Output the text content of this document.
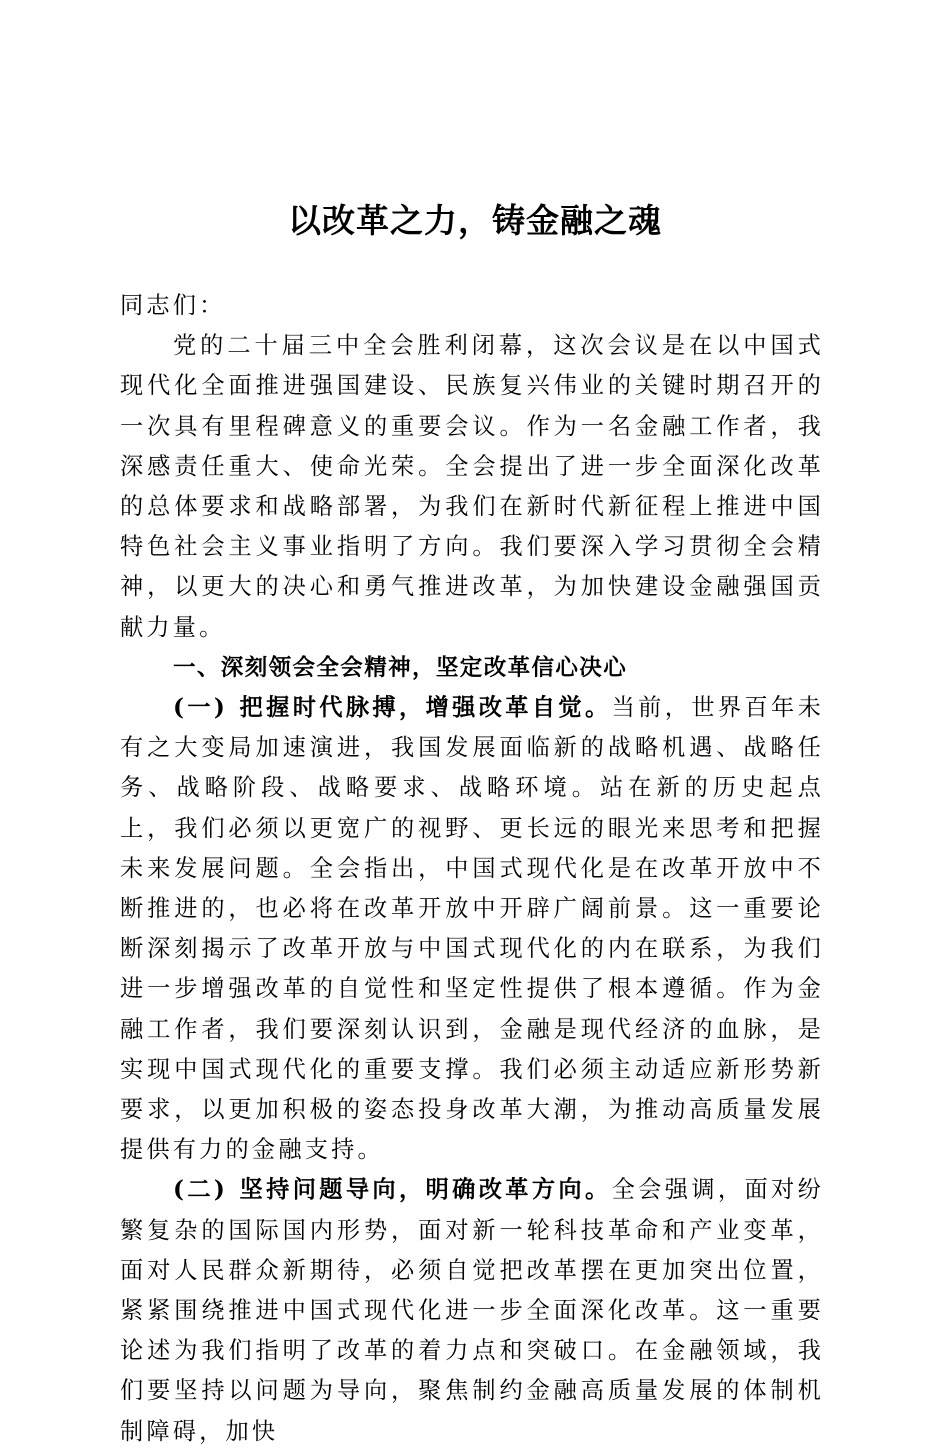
以改革之力，铸金融之魂

同志们：

党的二十届三中全会胜利闭幕，这次会议是在以中国式现代化全面推进强国建设、民族复兴伟业的关键时期召开的一次具有里程碑意义的重要会议。作为一名金融工作者，我深感责任重大、使命光荣。全会提出了进一步全面深化改革的总体要求和战略部署，为我们在新时代新征程上推进中国特色社会主义事业指明了方向。我们要深入学习贯彻全会精神，以更大的决心和勇气推进改革，为加快建设金融强国贡献力量。

一、深刻领会全会精神，坚定改革信心决心

(一) 把握时代脉搏，增强改革自觉。当前，世界百年未有之大变局加速演进，我国发展面临新的战略机遇、战略任务、战略阶段、战略要求、战略环境。站在新的历史起点上，我们必须以更宽广的视野、更长远的眼光来思考和把握未来发展问题。全会指出，中国式现代化是在改革开放中不断推进的，也必将在改革开放中开辟广阔前景。这一重要论断深刻揭示了改革开放与中国式现代化的内在联系，为我们进一步增强改革的自觉性和坚定性提供了根本遵循。作为金融工作者，我们要深刻认识到，金融是现代经济的血脉，是实现中国式现代化的重要支撑。我们必须主动适应新形势新要求，以更加积极的姿态投身改革大潮，为推动高质量发展提供有力的金融支持。

(二) 坚持问题导向，明确改革方向。全会强调，面对纷繁复杂的国际国内形势，面对新一轮科技革命和产业变革，面对人民群众新期待，必须自觉把改革摆在更加突出位置，紧紧围绕推进中国式现代化进一步全面深化改革。这一重要论述为我们指明了改革的着力点和突破口。在金融领域，我们要坚持以问题为导向，聚焦制约金融高质量发展的体制机制障碍，加快
